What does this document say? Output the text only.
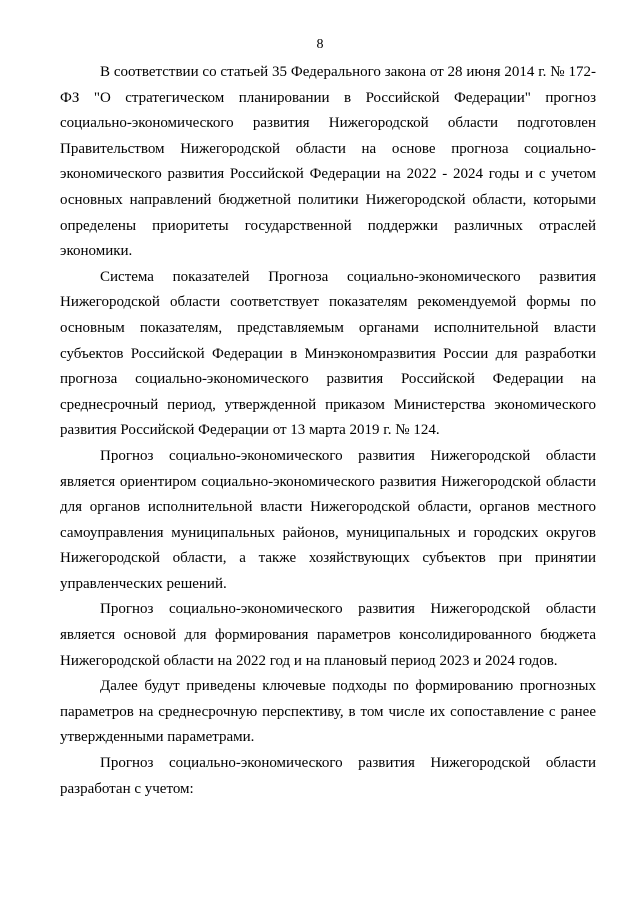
8

В соответствии со статьей 35 Федерального закона от 28 июня 2014 г. № 172-ФЗ "О стратегическом планировании в Российской Федерации" прогноз социально-экономического развития Нижегородской области подготовлен Правительством Нижегородской области на основе прогноза социально-экономического развития Российской Федерации на 2022 - 2024 годы и с учетом основных направлений бюджетной политики Нижегородской области, которыми определены приоритеты государственной поддержки различных отраслей экономики.

Система показателей Прогноза социально-экономического развития Нижегородской области соответствует показателям рекомендуемой формы по основным показателям, представляемым органами исполнительной власти субъектов Российской Федерации в Минэкономразвития России для разработки прогноза социально-экономического развития Российской Федерации на среднесрочный период, утвержденной приказом Министерства экономического развития Российской Федерации от 13 марта 2019 г. № 124.

Прогноз социально-экономического развития Нижегородской области является ориентиром социально-экономического развития Нижегородской области для органов исполнительной власти Нижегородской области, органов местного самоуправления муниципальных районов, муниципальных и городских округов Нижегородской области, а также хозяйствующих субъектов при принятии управленческих решений.

Прогноз социально-экономического развития Нижегородской области является основой для формирования параметров консолидированного бюджета Нижегородской области на 2022 год и на плановый период 2023 и 2024 годов.

Далее будут приведены ключевые подходы по формированию прогнозных параметров на среднесрочную перспективу, в том числе их сопоставление с ранее утвержденными параметрами.

Прогноз социально-экономического развития Нижегородской области разработан с учетом:
